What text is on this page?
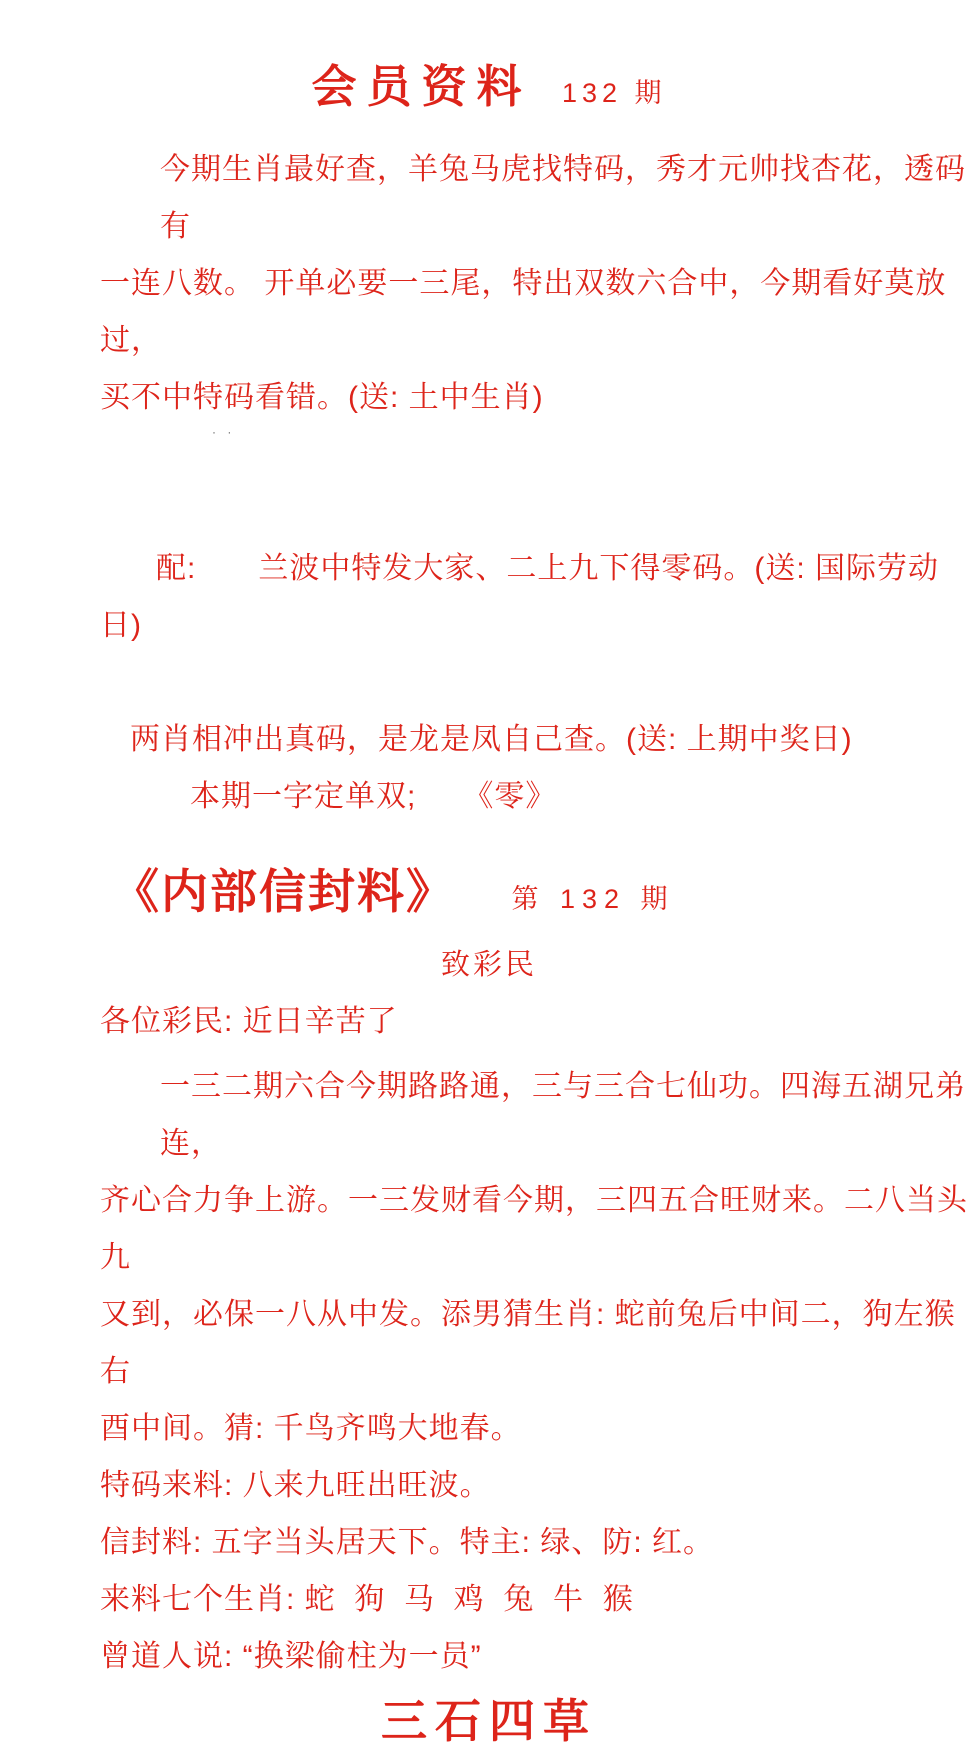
会员资料 132 期
今期生肖最好查，羊兔马虎找特码，秀才元帅找杏花，透码有
一连八数。 开单必要一三尾，特出双数六合中，今期看好莫放过，
买不中特码看错。(送: 土中生肖)

· ·

配:　　兰波中特发大家、二上九下得零码。(送: 国际劳动日)

两肖相冲出真码，是龙是凤自己查。(送: 上期中奖日)
本期一字定单双;　　《零》
《内部信封料》 第 132 期
致彩民
各位彩民: 近日辛苦了
一三二期六合今期路路通，三与三合七仙功。四海五湖兄弟连，
齐心合力争上游。一三发财看今期，三四五合旺财来。二八当头九
又到，必保一八从中发。添男猜生肖: 蛇前兔后中间二，狗左猴右
酉中间。猜: 千鸟齐鸣大地春。
特码来料: 八来九旺出旺波。
信封料: 五字当头居天下。特主: 绿、防: 红。
来料七个生肖: 蛇  狗  马  鸡  兔  牛  猴
曾道人说: “换梁偷柱为一员”
三石四草
